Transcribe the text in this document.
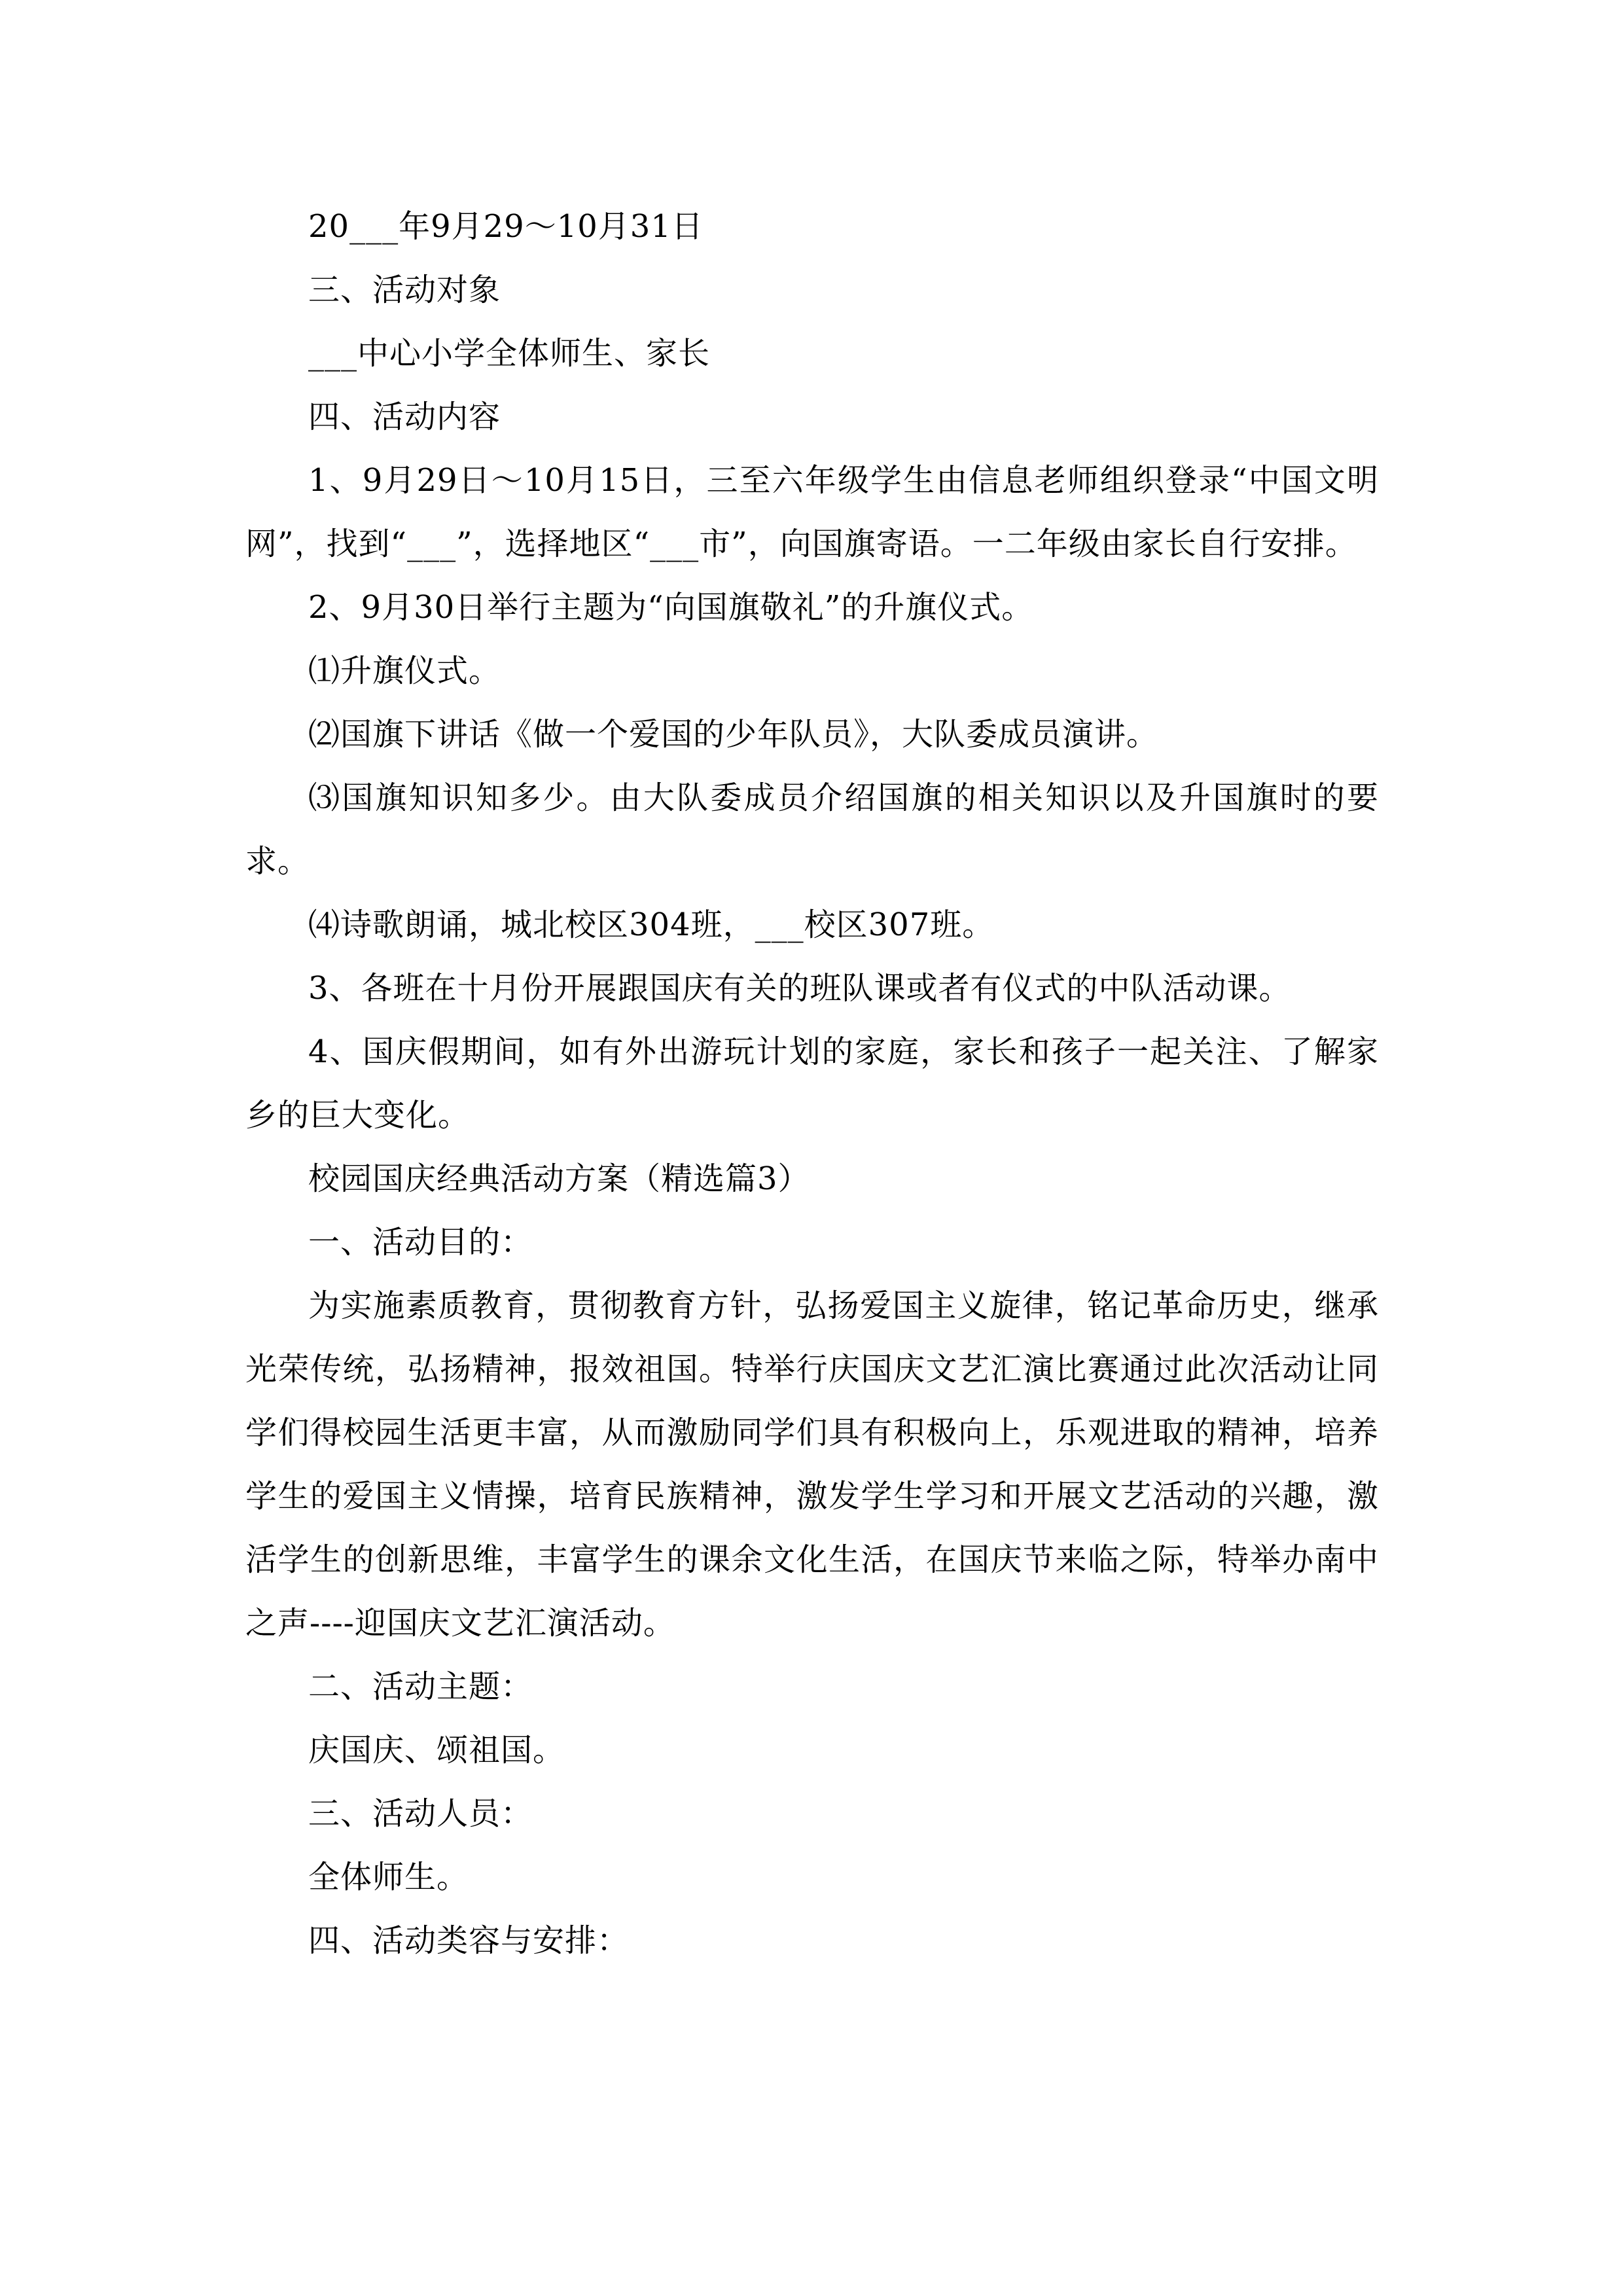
20___年9月29～10月31日

三、活动对象

___中心小学全体师生、家长

四、活动内容

1、9月29日～10月15日，三至六年级学生由信息老师组织登录“中国文明网”，找到“___”，选择地区“___市”，向国旗寄语。一二年级由家长自行安排。

2、9月30日举行主题为“向国旗敬礼”的升旗仪式。

⑴升旗仪式。

⑵国旗下讲话《做一个爱国的少年队员》，大队委成员演讲。

⑶国旗知识知多少。由大队委成员介绍国旗的相关知识以及升国旗时的要求。

⑷诗歌朗诵，城北校区304班，___校区307班。

3、各班在十月份开展跟国庆有关的班队课或者有仪式的中队活动课。

4、国庆假期间，如有外出游玩计划的家庭，家长和孩子一起关注、了解家乡的巨大变化。

校园国庆经典活动方案（精选篇3）

一、活动目的：

为实施素质教育，贯彻教育方针，弘扬爱国主义旋律，铭记革命历史，继承光荣传统，弘扬精神，报效祖国。特举行庆国庆文艺汇演比赛通过此次活动让同学们得校园生活更丰富，从而激励同学们具有积极向上，乐观进取的精神，培养学生的爱国主义情操，培育民族精神，激发学生学习和开展文艺活动的兴趣，激活学生的创新思维，丰富学生的课余文化生活，在国庆节来临之际，特举办南中之声----迎国庆文艺汇演活动。

二、活动主题：

庆国庆、颂祖国。

三、活动人员：

全体师生。

四、活动类容与安排：
